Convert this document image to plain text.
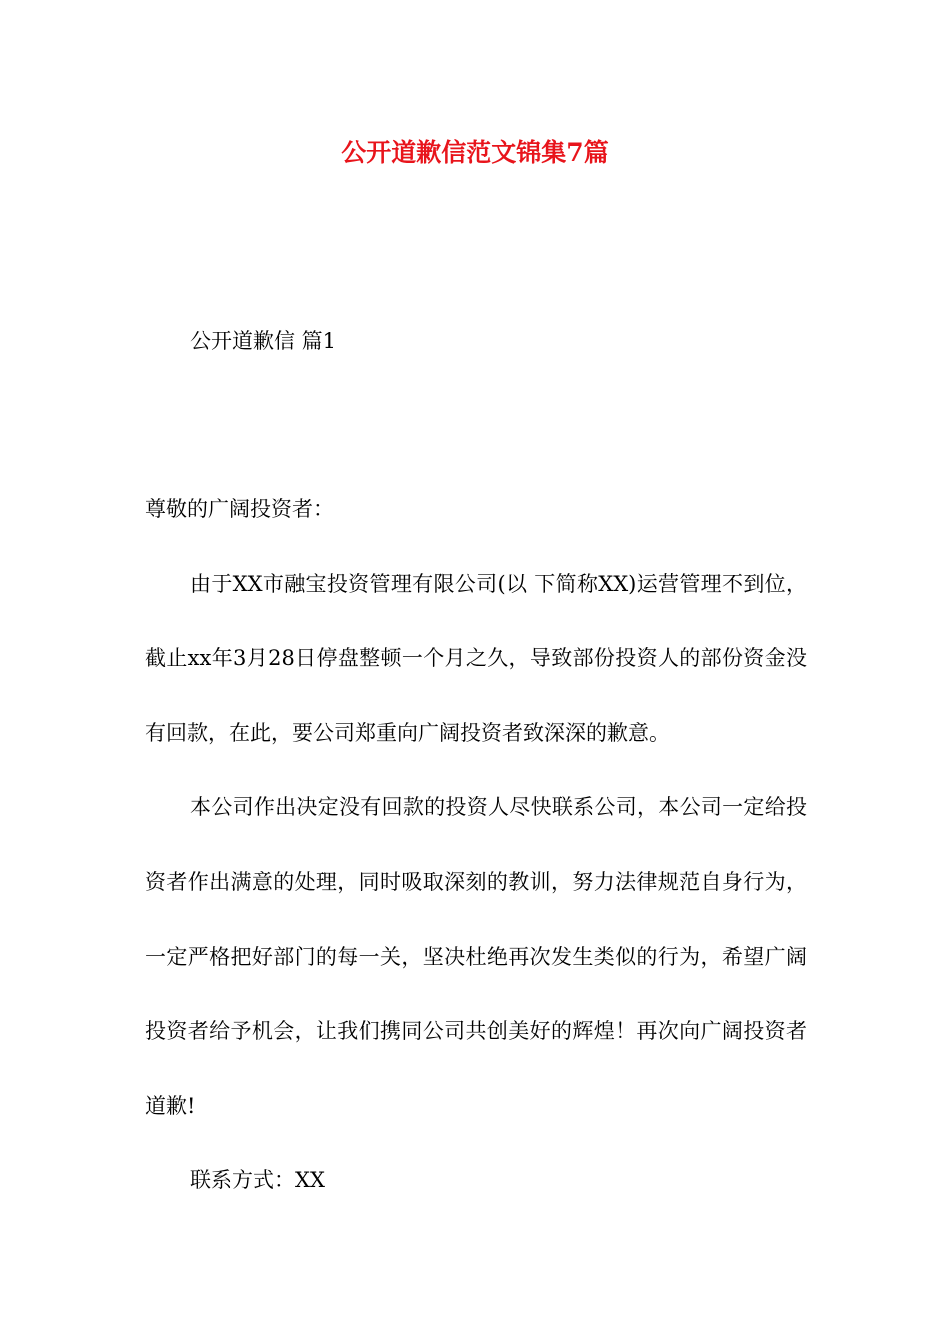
公开道歉信范文锦集7篇
公开道歉信 篇1

尊敬的广阔投资者：

由于XX市融宝投资管理有限公司(以 下简称XX)运营管理不到位，截止xx年3月28日停盘整顿一个月之久，导致部份投资人的部份资金没有回款，在此，要公司郑重向广阔投资者致深深的歉意。

本公司作出决定没有回款的投资人尽快联系公司，本公司一定给投资者作出满意的处理，同时吸取深刻的教训，努力法律规范自身行为，一定严格把好部门的每一关，坚决杜绝再次发生类似的行为，希望广阔投资者给予机会，让我们携同公司共创美好的辉煌！再次向广阔投资者道歉!

联系方式：XX
